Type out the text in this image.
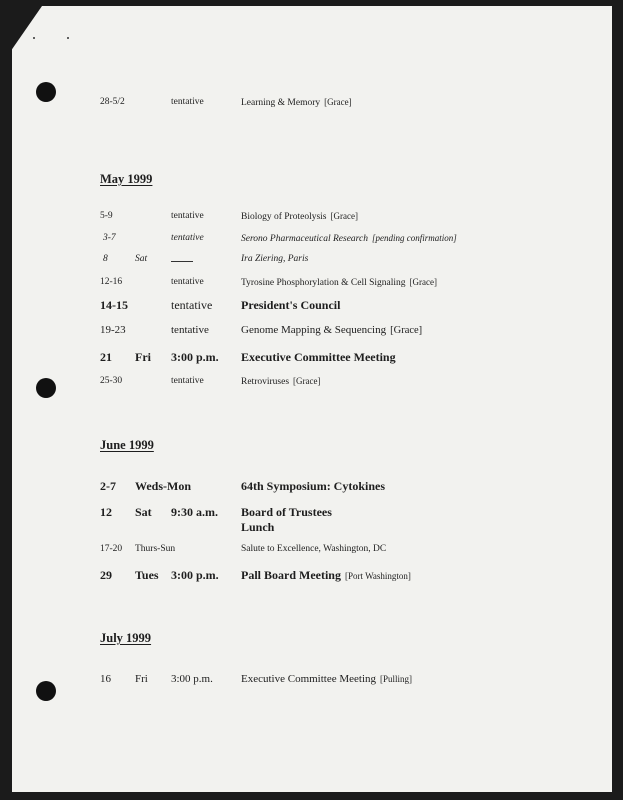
28-5/2	tentative	Learning & Memory [Grace]
May 1999
5-9	tentative	Biology of Proteolysis [Grace]
3-7	tentative	Serono Pharmaceutical Research [pending confirmation]
8	Sat	Ira Ziering, Paris
12-16	tentative	Tyrosine Phosphorylation & Cell Signaling [Grace]
14-15	tentative President's Council
19-23	tentative	Genome Mapping & Sequencing [Grace]
21 Fri 3:00 p.m. Executive Committee Meeting
25-30	tentative	Retroviruses [Grace]
June 1999
2-7 Weds-Mon	64th Symposium: Cytokines
12 Sat 9:30 a.m. Board of Trustees
Lunch
17-20 Thurs-Sun	Salute to Excellence, Washington, DC
29 Tues 3:00 p.m. Pall Board Meeting [Port Washington]
July 1999
16 Fri 3:00 p.m.	Executive Committee Meeting [Pulling]
